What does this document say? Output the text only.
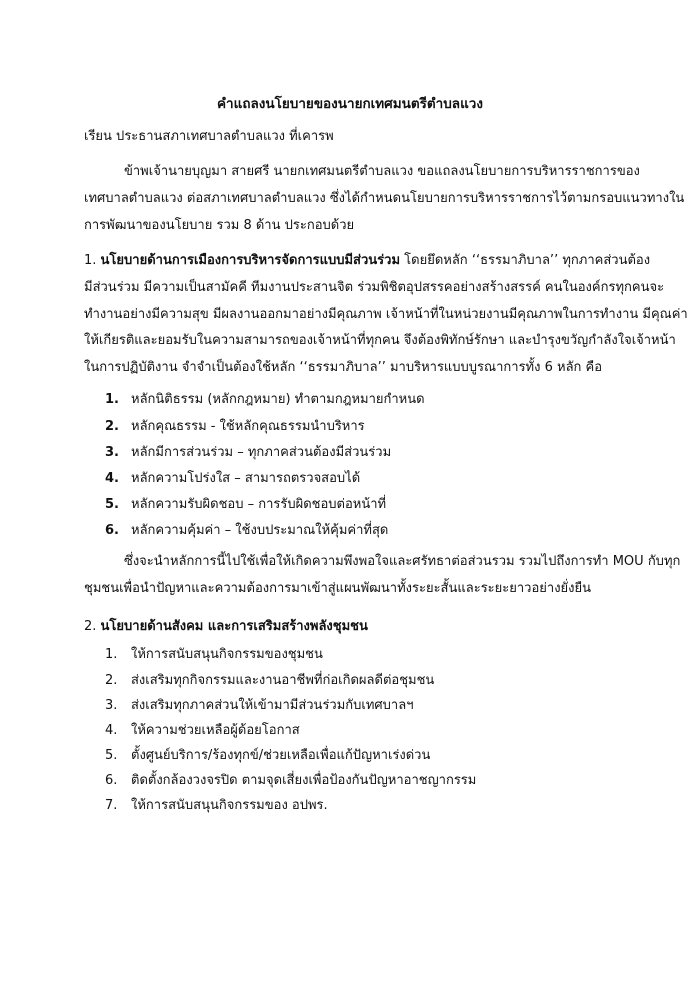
คำแถลงนโยบายของนายกเทศมนตรีตำบลแวง
เรียน ประธานสภาเทศบาลตำบลแวง ที่เคารพ
ข้าพเจ้านายบุญมา สายศรี นายกเทศมนตรีตำบลแวง ขอแถลงนโยบายการบริหารราชการของ
เทศบาลตำบลแวง ต่อสภาเทศบาลตำบลแวง ซึ่งได้กำหนดนโยบายการบริหารราชการไว้ตามกรอบแนวทางใน
การพัฒนาของนโยบาย รวม 8 ด้าน ประกอบด้วย
1. นโยบายด้านการเมืองการบริหารจัดการแบบมีส่วนร่วม โดยยึดหลัก ‘‘ธรรมาภิบาล’’ ทุกภาคส่วนต้อง
มีส่วนร่วม มีความเป็นสามัคคี ทีมงานประสานจิต ร่วมพิชิตอุปสรรคอย่างสร้างสรรค์ คนในองค์กรทุกคนจะ
ทำงานอย่างมีความสุข มีผลงานออกมาอย่างมีคุณภาพ เจ้าหน้าที่ในหน่วยงานมีคุณภาพในการทำงาน มีคุณค่า
ให้เกียรติและยอมรับในความสามารถของเจ้าหน้าที่ทุกคน จึงต้องพิทักษ์รักษา และบำรุงขวัญกำลังใจเจ้าหน้า
ในการปฏิบัติงาน จำจำเป็นต้องใช้หลัก ‘‘ธรรมาภิบาล’’ มาบริหารแบบบูรณาการทั้ง 6 หลัก คือ
1. หลักนิติธรรม (หลักกฎหมาย) ทำตามกฎหมายกำหนด
2. หลักคุณธรรม - ใช้หลักคุณธรรมนำบริหาร
3. หลักมีการส่วนร่วม – ทุกภาคส่วนต้องมีส่วนร่วม
4. หลักความโปร่งใส – สามารถตรวจสอบได้
5. หลักความรับผิดชอบ – การรับผิดชอบต่อหน้าที่
6. หลักความคุ้มค่า – ใช้งบประมาณให้คุ้มค่าที่สุด
ซึ่งจะนำหลักการนี้ไปใช้เพื่อให้เกิดความพึงพอใจและศรัทธาต่อส่วนรวม รวมไปถึงการทำ MOU กับทุก
ชุมชนเพื่อนำปัญหาและความต้องการมาเข้าสู่แผนพัฒนาทั้งระยะสั้นและระยะยาวอย่างยั่งยืน
2. นโยบายด้านสังคม และการเสริมสร้างพลังชุมชน
1. ให้การสนับสนุนกิจกรรมของชุมชน
2. ส่งเสริมทุกกิจกรรมและงานอาชีพที่ก่อเกิดผลดีต่อชุมชน
3. ส่งเสริมทุกภาคส่วนให้เข้ามามีส่วนร่วมกับเทศบาลฯ
4. ให้ความช่วยเหลือผู้ด้อยโอกาส
5. ตั้งศูนย์บริการ/ร้องทุกข์/ช่วยเหลือเพื่อแก้ปัญหาเร่งด่วน
6. ติดตั้งกล้องวงจรปิด ตามจุดเสี่ยงเพื่อป้องกันปัญหาอาชญากรรม
7. ให้การสนับสนุนกิจกรรมของ อปพร.
